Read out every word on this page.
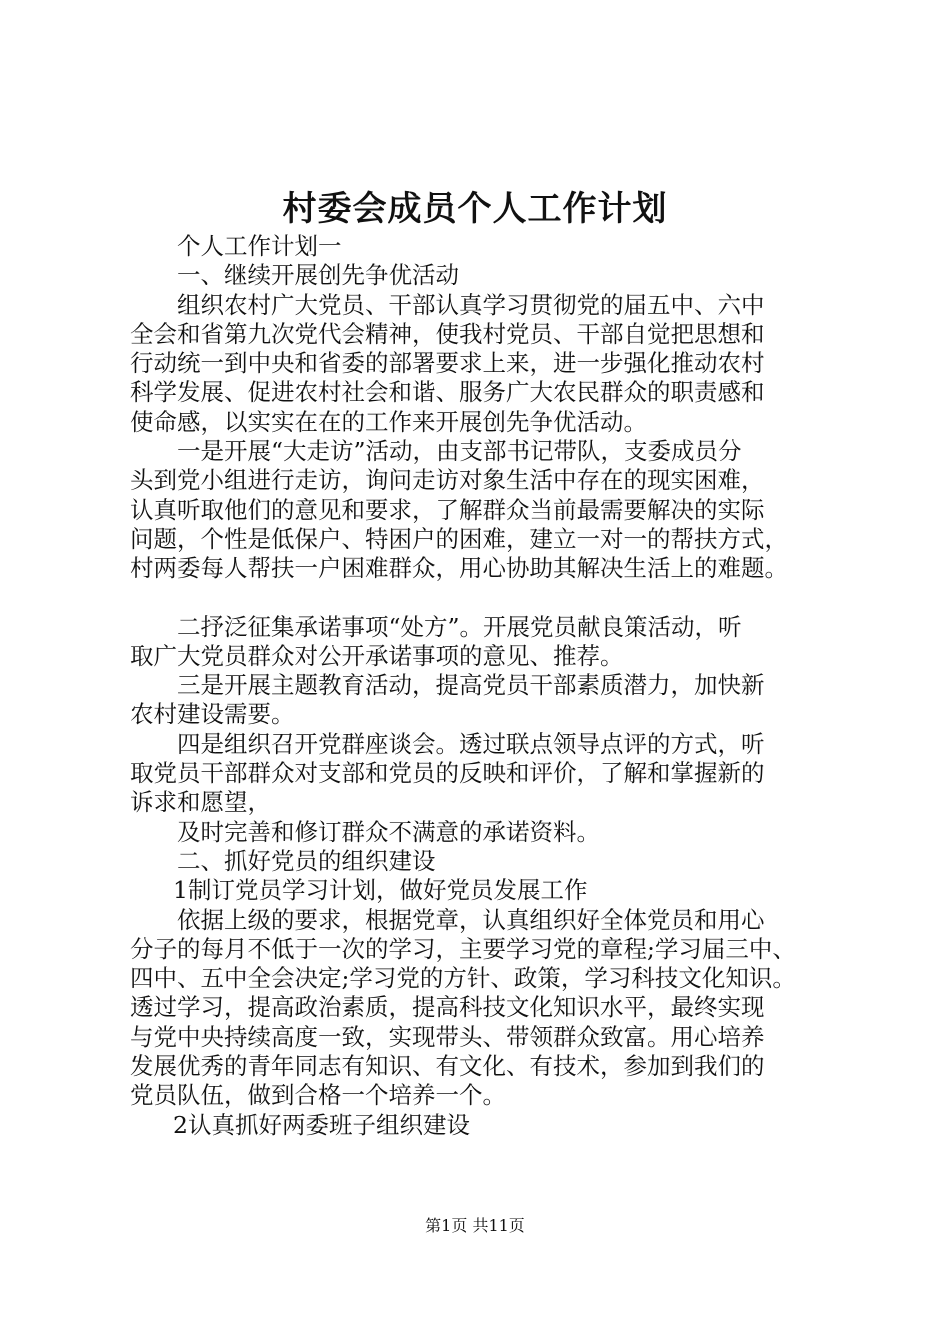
村委会成员个人工作计划

个人工作计划一

一、继续开展创先争优活动

组织农村广大党员、干部认真学习贯彻党的届五中、六中

全会和省第九次党代会精神，使我村党员、干部自觉把思想和

行动统一到中央和省委的部署要求上来，进一步强化推动农村

科学发展、促进农村社会和谐、服务广大农民群众的职责感和

使命感，以实实在在的工作来开展创先争优活动。

一是开展“大走访”活动，由支部书记带队，支委成员分

头到党小组进行走访，询问走访对象生活中存在的现实困难，

认真听取他们的意见和要求，了解群众当前最需要解决的实际

问题，个性是低保户、特困户的困难，建立一对一的帮扶方式，

村两委每人帮扶一户困难群众，用心协助其解决生活上的难题。

二抒泛征集承诺事项“处方”。开展党员献良策活动，听

取广大党员群众对公开承诺事项的意见、推荐。

三是开展主题教育活动，提高党员干部素质潜力，加快新

农村建设需要。

四是组织召开党群座谈会。透过联点领导点评的方式，听

取党员干部群众对支部和党员的反映和评价，了解和掌握新的

诉求和愿望，

及时完善和修订群众不满意的承诺资料。

二、抓好党员的组织建设

1制订党员学习计划，做好党员发展工作

依据上级的要求，根据党章，认真组织好全体党员和用心

分子的每月不低于一次的学习，主要学习党的章程;学习届三中、

四中、五中全会决定;学习党的方针、政策，学习科技文化知识。

透过学习，提高政治素质，提高科技文化知识水平，最终实现

与党中央持续高度一致，实现带头、带领群众致富。用心培养

发展优秀的青年同志有知识、有文化、有技术，参加到我们的

党员队伍，做到合格一个培养一个。

2认真抓好两委班子组织建设

第1页 共11页
